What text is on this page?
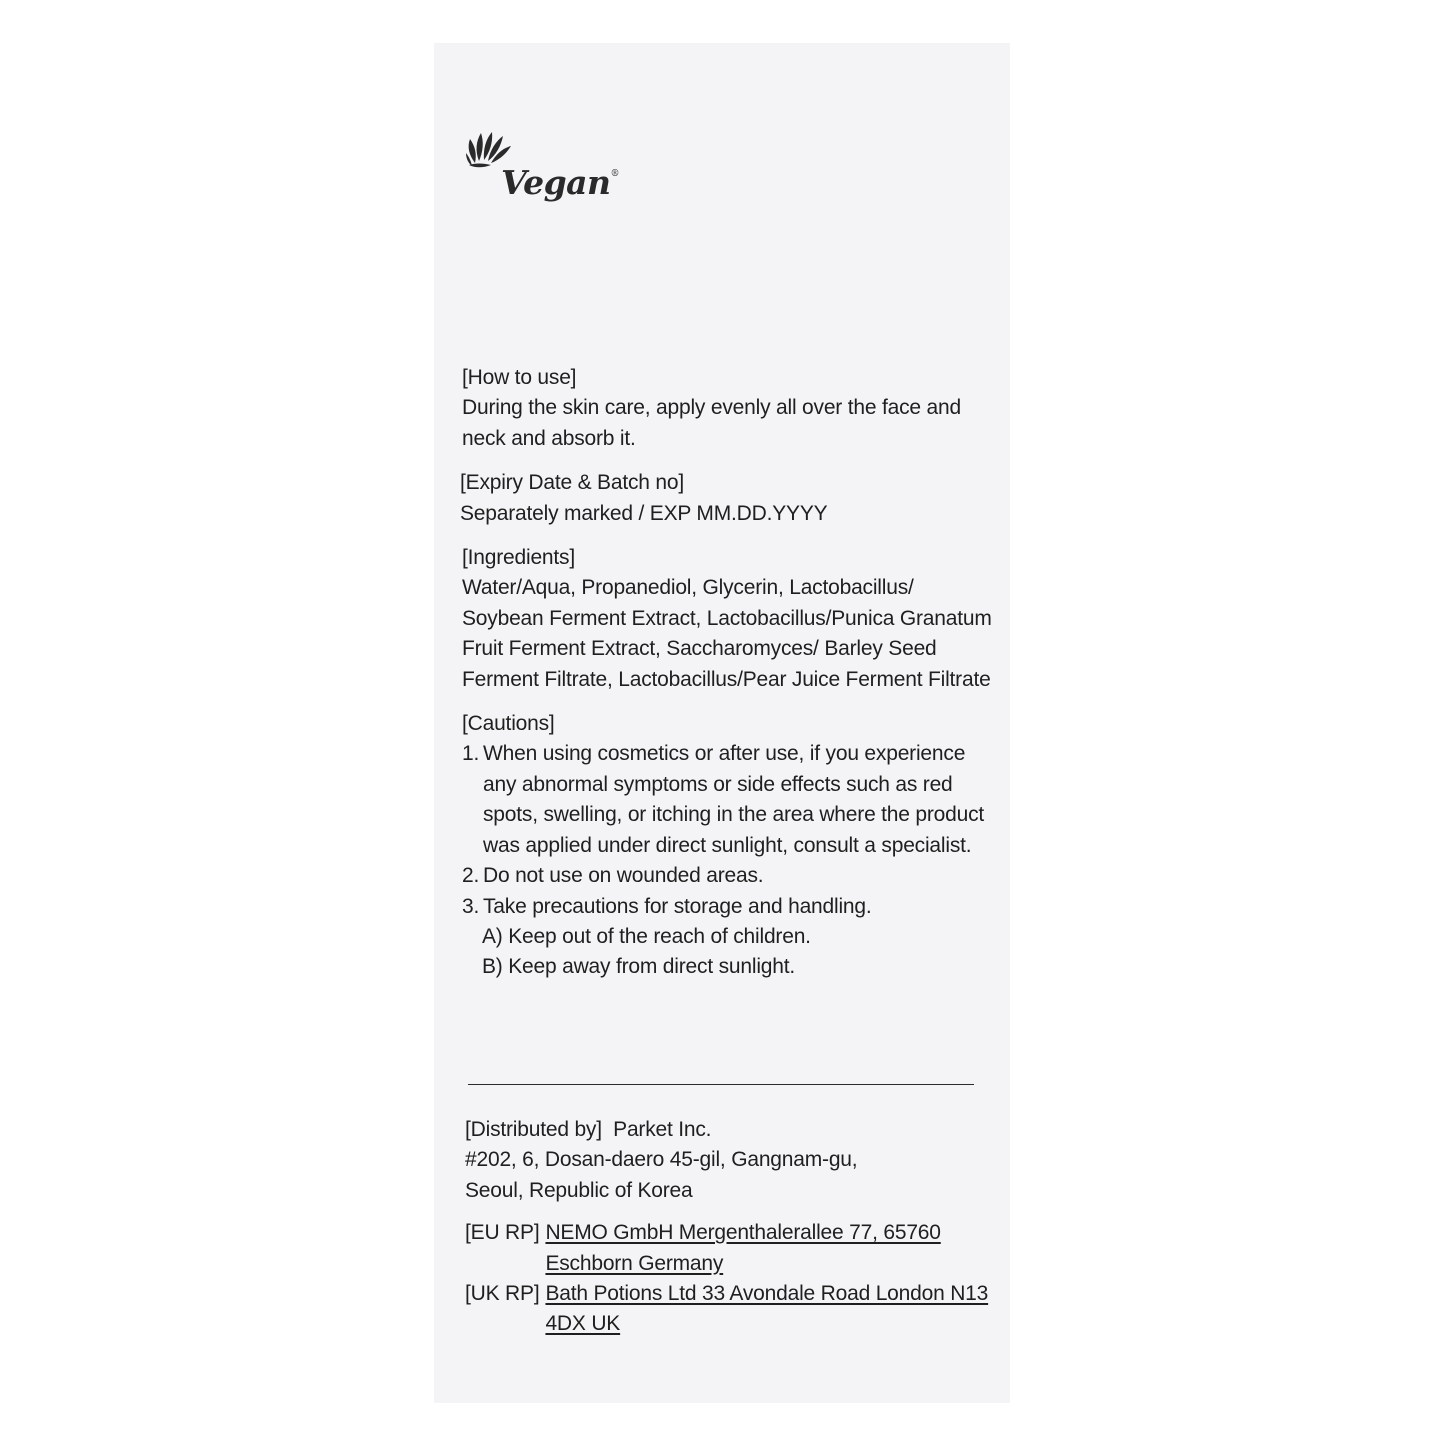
Vegan®
[How to use]
During the skin care, apply evenly all over the face and neck and absorb it.
[Expiry Date & Batch no]
Separately marked / EXP MM.DD.YYYY
[Ingredients]
Water/Aqua, Propanediol, Glycerin, Lactobacillus/ Soybean Ferment Extract, Lactobacillus/Punica Granatum Fruit Ferment Extract, Saccharomyces/ Barley Seed Ferment Filtrate, Lactobacillus/Pear Juice Ferment Filtrate
[Cautions]
1. When using cosmetics or after use, if you experience any abnormal symptoms or side effects such as red spots, swelling, or itching in the area where the product was applied under direct sunlight, consult a specialist.
2. Do not use on wounded areas.
3. Take precautions for storage and handling.
A) Keep out of the reach of children.
B) Keep away from direct sunlight.
[Distributed by] Parket Inc.
#202, 6, Dosan-daero 45-gil, Gangnam-gu,
Seoul, Republic of Korea
[EU RP] NEMO GmbH Mergenthalerallee 77, 65760 Eschborn Germany
[UK RP] Bath Potions Ltd 33 Avondale Road London N13 4DX UK
